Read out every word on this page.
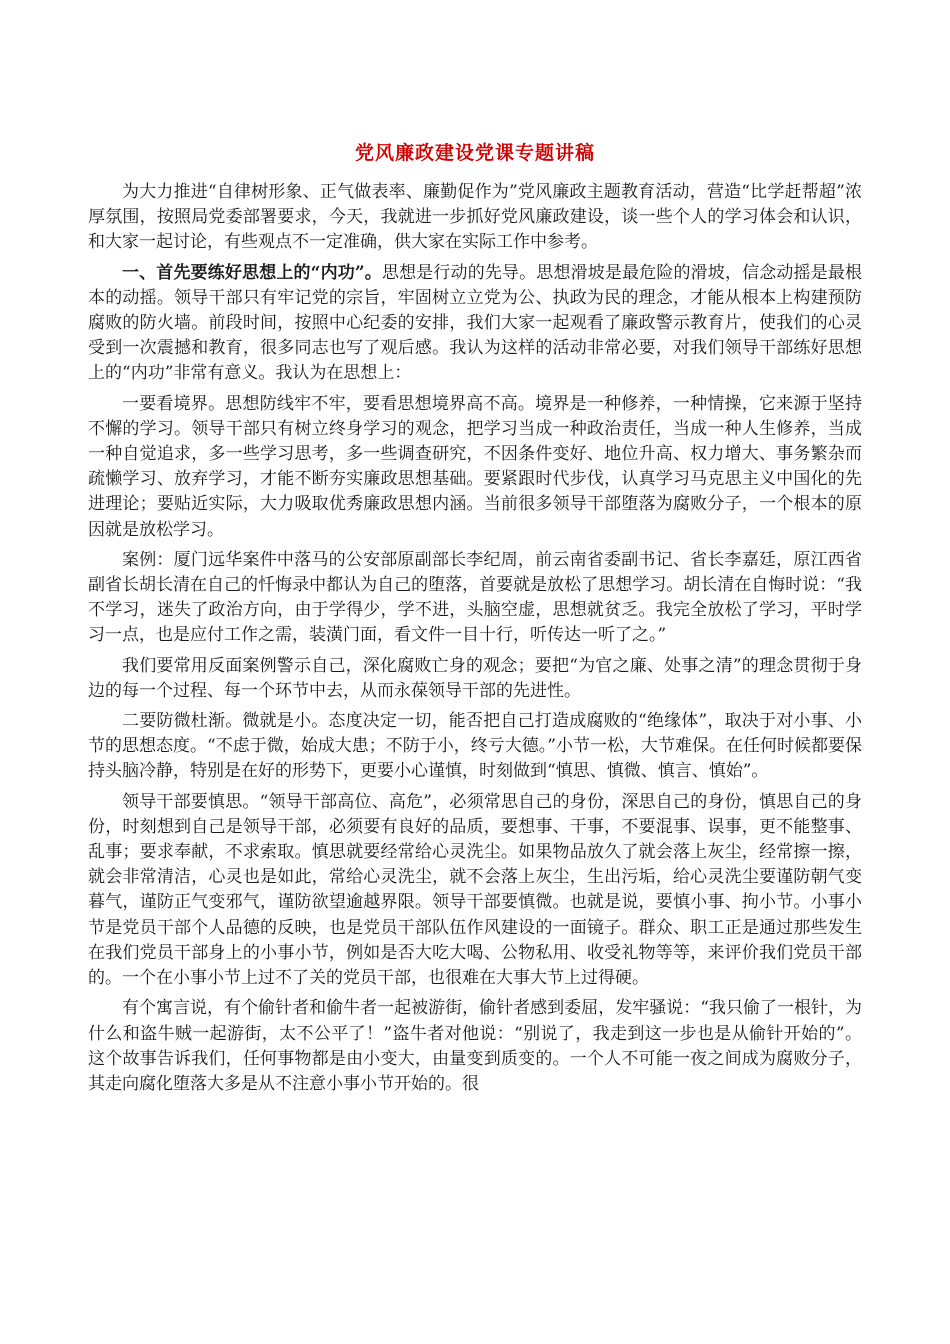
党风廉政建设党课专题讲稿

为大力推进“自律树形象、正气做表率、廉勤促作为”党风廉政主题教育活动，营造“比学赶帮超”浓厚氛围，按照局党委部署要求，今天，我就进一步抓好党风廉政建设，谈一些个人的学习体会和认识，和大家一起讨论，有些观点不一定准确，供大家在实际工作中参考。

一、首先要练好思想上的“内功”。思想是行动的先导。思想滑坡是最危险的滑坡，信念动摇是最根本的动摇。领导干部只有牢记党的宗旨，牢固树立立党为公、执政为民的理念，才能从根本上构建预防腐败的防火墙。前段时间，按照中心纪委的安排，我们大家一起观看了廉政警示教育片，使我们的心灵受到一次震撼和教育，很多同志也写了观后感。我认为这样的活动非常必要，对我们领导干部练好思想上的“内功”非常有意义。我认为在思想上：

一要看境界。思想防线牢不牢，要看思想境界高不高。境界是一种修养，一种情操，它来源于坚持不懈的学习。领导干部只有树立终身学习的观念，把学习当成一种政治责任，当成一种人生修养，当成一种自觉追求，多一些学习思考，多一些调查研究，不因条件变好、地位升高、权力增大、事务繁杂而疏懒学习、放弃学习，才能不断夯实廉政思想基础。要紧跟时代步伐，认真学习马克思主义中国化的先进理论；要贴近实际，大力吸取优秀廉政思想内涵。当前很多领导干部堕落为腐败分子，一个根本的原因就是放松学习。

案例：厦门远华案件中落马的公安部原副部长李纪周，前云南省委副书记、省长李嘉廷，原江西省副省长胡长清在自己的忏悔录中都认为自己的堕落，首要就是放松了思想学习。胡长清在自悔时说：“我不学习，迷失了政治方向，由于学得少，学不进，头脑空虚，思想就贫乏。我完全放松了学习，平时学习一点，也是应付工作之需，装潢门面，看文件一目十行，听传达一听了之。”

我们要常用反面案例警示自己，深化腐败亡身的观念；要把“为官之廉、处事之清”的理念贯彻于身边的每一个过程、每一个环节中去，从而永葆领导干部的先进性。

二要防微杜渐。微就是小。态度决定一切，能否把自己打造成腐败的“绝缘体”，取决于对小事、小节的思想态度。“不虑于微，始成大患；不防于小，终亏大德。”小节一松，大节难保。在任何时候都要保持头脑冷静，特别是在好的形势下，更要小心谨慎，时刻做到“慎思、慎微、慎言、慎始”。

领导干部要慎思。“领导干部高位、高危”，必须常思自己的身份，深思自己的身份，慎思自己的身份，时刻想到自己是领导干部，必须要有良好的品质，要想事、干事，不要混事、误事，更不能整事、乱事；要求奉献，不求索取。慎思就要经常给心灵洗尘。如果物品放久了就会落上灰尘，经常擦一擦，就会非常清洁，心灵也是如此，常给心灵洗尘，就不会落上灰尘，生出污垢，给心灵洗尘要谨防朝气变暮气，谨防正气变邪气，谨防欲望逾越界限。领导干部要慎微。也就是说，要慎小事、拘小节。小事小节是党员干部个人品德的反映，也是党员干部队伍作风建设的一面镜子。群众、职工正是通过那些发生在我们党员干部身上的小事小节，例如是否大吃大喝、公物私用、收受礼物等等，来评价我们党员干部的。一个在小事小节上过不了关的党员干部，也很难在大事大节上过得硬。

有个寓言说，有个偷针者和偷牛者一起被游街，偷针者感到委屈，发牢骚说：“我只偷了一根针，为什么和盗牛贼一起游街，太不公平了！”盗牛者对他说：“别说了，我走到这一步也是从偷针开始的”。这个故事告诉我们，任何事物都是由小变大，由量变到质变的。一个人不可能一夜之间成为腐败分子，其走向腐化堕落大多是从不注意小事小节开始的。很
